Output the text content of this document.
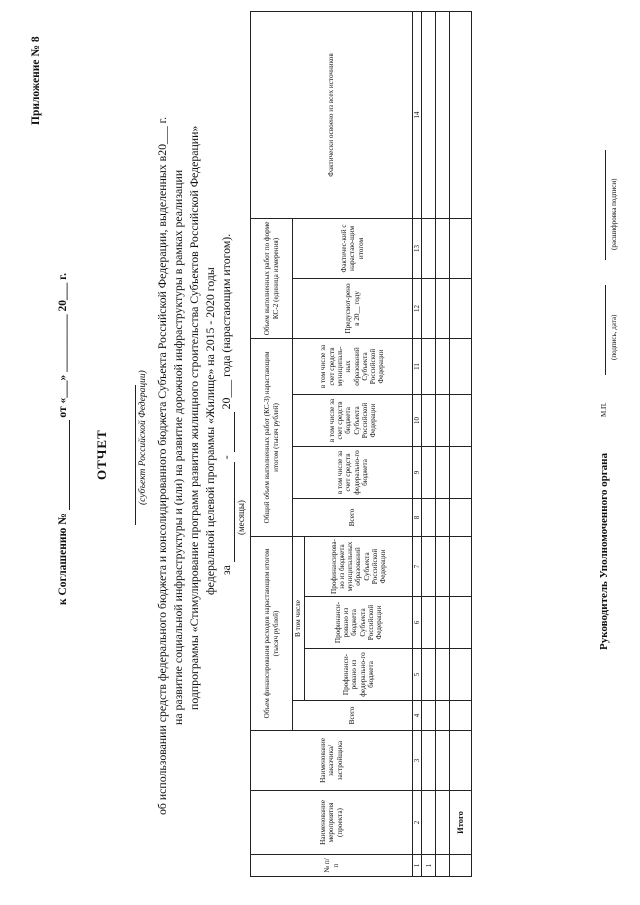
Приложение № 8
к Соглашению №   от «___» __________ 20___ г.
ОТЧЕТ	(субъект Российской Федерации) об использовании средств федерального бюджета и консолидированного бюджета Субъекта Российской Федерации, выделенных в20___ г. на развитие социальной инфраструктуры и (или) на развитие дорожной инфраструктуры в рамках реализации подпрограммы «Стимулирование программ развития жилищного строительства Субъектов Российской Федерации» федеральной целевой программы «Жилище» на 2015 - 2020 годы за   -   20___ года (нарастающим итогом).
(месяцы)
№ п/п	Наименование мероприятия (проекта)	Наименование заказчика/ застройщика	Объем финансирования расходов нарастающим итогом (тысяч рублей)				Общий объем выполненных работ (КС-3) нарастающим итогом (тысяч рублей)				Объем выполненных работ по форме КС-2 (единица измерения)		Фактически освоено из всех источников
			Всего	В том числе			Всего	в том числе за счет средств федерально-го бюджета	в том числе за счет средств бюджета Субъекта Российской Федерации	в том числе за счет средств муниципаль-ных образований Субъекта Российской Федерации	Предусмот-рено в 20__ году	Фактичес-кий с нарастаю-щим итогом	
				Профинанси-ровано из федерально-го бюджета	Профинанси-ровано из бюджета Субъекта Российской Федерации	Профинансирова-но из бюджета муниципальных образований Субъекта Российской Федерации							
1	2	3	4	5	6	7	8	9	10	11	12	13	14
1													

	Итого												
Руководитель Уполномоченного органа
М.П.
(подпись, дата)
(расшифровка подписи)
